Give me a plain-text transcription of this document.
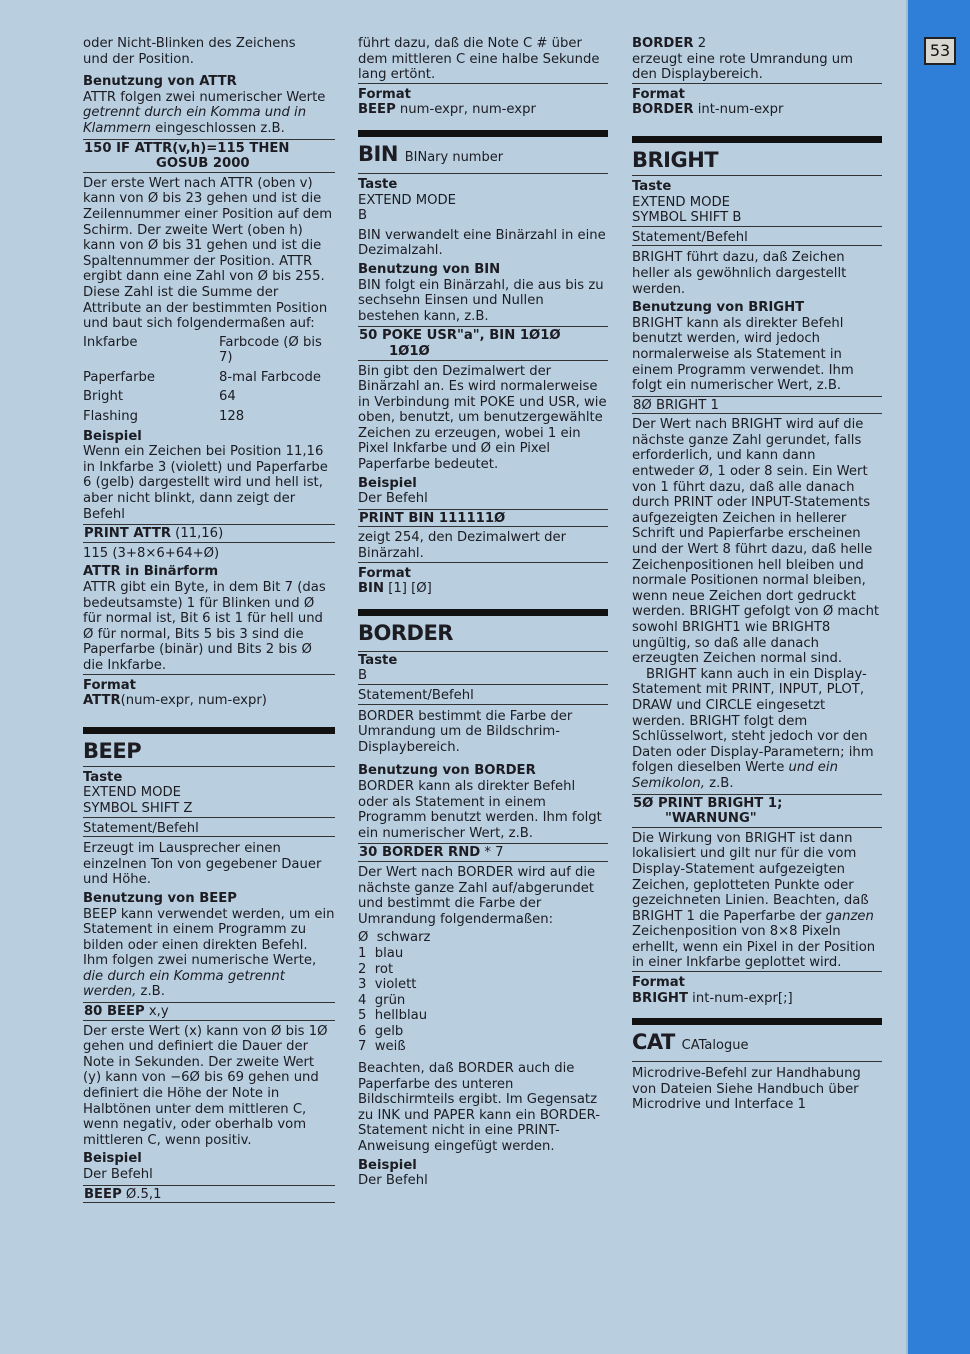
53

oder Nicht-Blinken des Zeichens

und der Position.

Benutzung von ATTR

ATTR folgen zwei numerischer Werte getrennt durch ein Komma und in Klammern eingeschlossen z.B.

150 IF ATTR(v,h)=115 THEN
GOSUB 2000

Der erste Wert nach ATTR (oben v) kann von Ø bis 23 gehen und ist die Zeilennummer einer Position auf dem Schirm. Der zweite Wert (oben h) kann von Ø bis 31 gehen und ist die Spaltennummer der Position. ATTR ergibt dann eine Zahl von Ø bis 255. Diese Zahl ist die Summe der Attribute an der bestimmten Position und baut sich folgendermaßen auf:

Inkfarbe	Farbcode (Ø bis 7)
Paperfarbe	8-mal Farbcode
Bright	64
Flashing	128

Beispiel

Wenn ein Zeichen bei Position 11,16 in Inkfarbe 3 (violett) und Paperfarbe 6 (gelb) dargestellt wird und hell ist, aber nicht blinkt, dann zeigt der Befehl

PRINT ATTR (11,16)

115 (3+8×6+64+Ø)

ATTR in Binärform

ATTR gibt ein Byte, in dem Bit 7 (das bedeutsamste) 1 für Blinken und Ø für normal ist, Bit 6 ist 1 für hell und Ø für normal, Bits 5 bis 3 sind die Paperfarbe (binär) und Bits 2 bis Ø die Inkfarbe.

Format

ATTR(num-expr, num-expr)

BEEP

Taste

EXTEND MODE

SYMBOL SHIFT Z

Statement/Befehl

Erzeugt im Lausprecher einen einzelnen Ton von gegebener Dauer und Höhe.

Benutzung von BEEP

BEEP kann verwendet werden, um ein Statement in einem Programm zu bilden oder einen direkten Befehl. Ihm folgen zwei numerische Werte, die durch ein Komma getrennt werden, z.B.

80 BEEP x,y

Der erste Wert (x) kann von Ø bis 1Ø gehen und definiert die Dauer der Note in Sekunden. Der zweite Wert (y) kann von −6Ø bis 69 gehen und definiert die Höhe der Note in Halbtönen unter dem mittleren C, wenn negativ, oder oberhalb vom mittleren C, wenn positiv.

Beispiel

Der Befehl

BEEP Ø.5,1

führt dazu, daß die Note C # über dem mittleren C eine halbe Sekunde lang ertönt.

Format

BEEP num-expr, num-expr

BIN BINary number

Taste

EXTEND MODE

B

BIN verwandelt eine Binärzahl in eine Dezimalzahl.

Benutzung von BIN

BIN folgt ein Binärzahl, die aus bis zu sechsehn Einsen und Nullen bestehen kann, z.B.

50 POKE USR"a", BIN 1Ø1Ø
1Ø1Ø

Bin gibt den Dezimalwert der Binärzahl an. Es wird normalerweise in Verbindung mit POKE und USR, wie oben, benutzt, um benutzergewählte Zeichen zu erzeugen, wobei 1 ein Pixel Inkfarbe und Ø ein Pixel Paperfarbe bedeutet.

Beispiel

Der Befehl

PRINT BIN 111111Ø

zeigt 254, den Dezimalwert der Binärzahl.

Format

BIN [1] [Ø]

BORDER

Taste

B

Statement/Befehl

BORDER bestimmt die Farbe der Umrandung um de Bildschrim-Displaybereich.

Benutzung von BORDER

BORDER kann als direkter Befehl oder als Statement in einem Programm benutzt werden. Ihm folgt ein numerischer Wert, z.B.

30 BORDER RND * 7

Der Wert nach BORDER wird auf die nächste ganze Zahl auf/abgerundet und bestimmt die Farbe der Umrandung folgendermaßen:

Ø  schwarz
1  blau
2  rot
3  violett
4  grün
5  hellblau
6  gelb
7  weiß

Beachten, daß BORDER auch die Paperfarbe des unteren Bildschirmteils ergibt. Im Gegensatz zu INK und PAPER kann ein BORDER-Statement nicht in eine PRINT-Anweisung eingefügt werden.

Beispiel

Der Befehl

BORDER 2

erzeugt eine rote Umrandung um den Displaybereich.

Format

BORDER int-num-expr

BRIGHT

Taste

EXTEND MODE

SYMBOL SHIFT B

Statement/Befehl

BRIGHT führt dazu, daß Zeichen heller als gewöhnlich dargestellt werden.

Benutzung von BRIGHT

BRIGHT kann als direkter Befehl benutzt werden, wird jedoch normalerweise als Statement in einem Programm verwendet. Ihm folgt ein numerischer Wert, z.B.

8Ø BRIGHT 1

Der Wert nach BRIGHT wird auf die nächste ganze Zahl gerundet, falls erforderlich, und kann dann entweder Ø, 1 oder 8 sein. Ein Wert von 1 führt dazu, daß alle danach durch PRINT oder INPUT-Statements aufgezeigten Zeichen in hellerer Schrift und Papierfarbe erscheinen und der Wert 8 führt dazu, daß helle Zeichenpositionen hell bleiben und normale Positionen normal bleiben, wenn neue Zeichen dort gedruckt werden. BRIGHT gefolgt von Ø macht sowohl BRIGHT1 wie BRIGHT8 ungültig, so daß alle danach erzeugten Zeichen normal sind.

BRIGHT kann auch in ein Display-Statement mit PRINT, INPUT, PLOT, DRAW und CIRCLE eingesetzt werden. BRIGHT folgt dem Schlüsselwort, steht jedoch vor den Daten oder Display-Parametern; ihm folgen dieselben Werte und ein Semikolon, z.B.

5Ø PRINT BRIGHT 1;
"WARNUNG"

Die Wirkung von BRIGHT ist dann lokalisiert und gilt nur für die vom Display-Statement aufgezeigten Zeichen, geplotteten Punkte oder gezeichneten Linien. Beachten, daß BRIGHT 1 die Paperfarbe der ganzen Zeichenposition von 8×8 Pixeln erhellt, wenn ein Pixel in der Position in einer Inkfarbe geplottet wird.

Format

BRIGHT int-num-expr[;]

CAT CATalogue

Microdrive-Befehl zur Handhabung von Dateien Siehe Handbuch über Microdrive und Interface 1
